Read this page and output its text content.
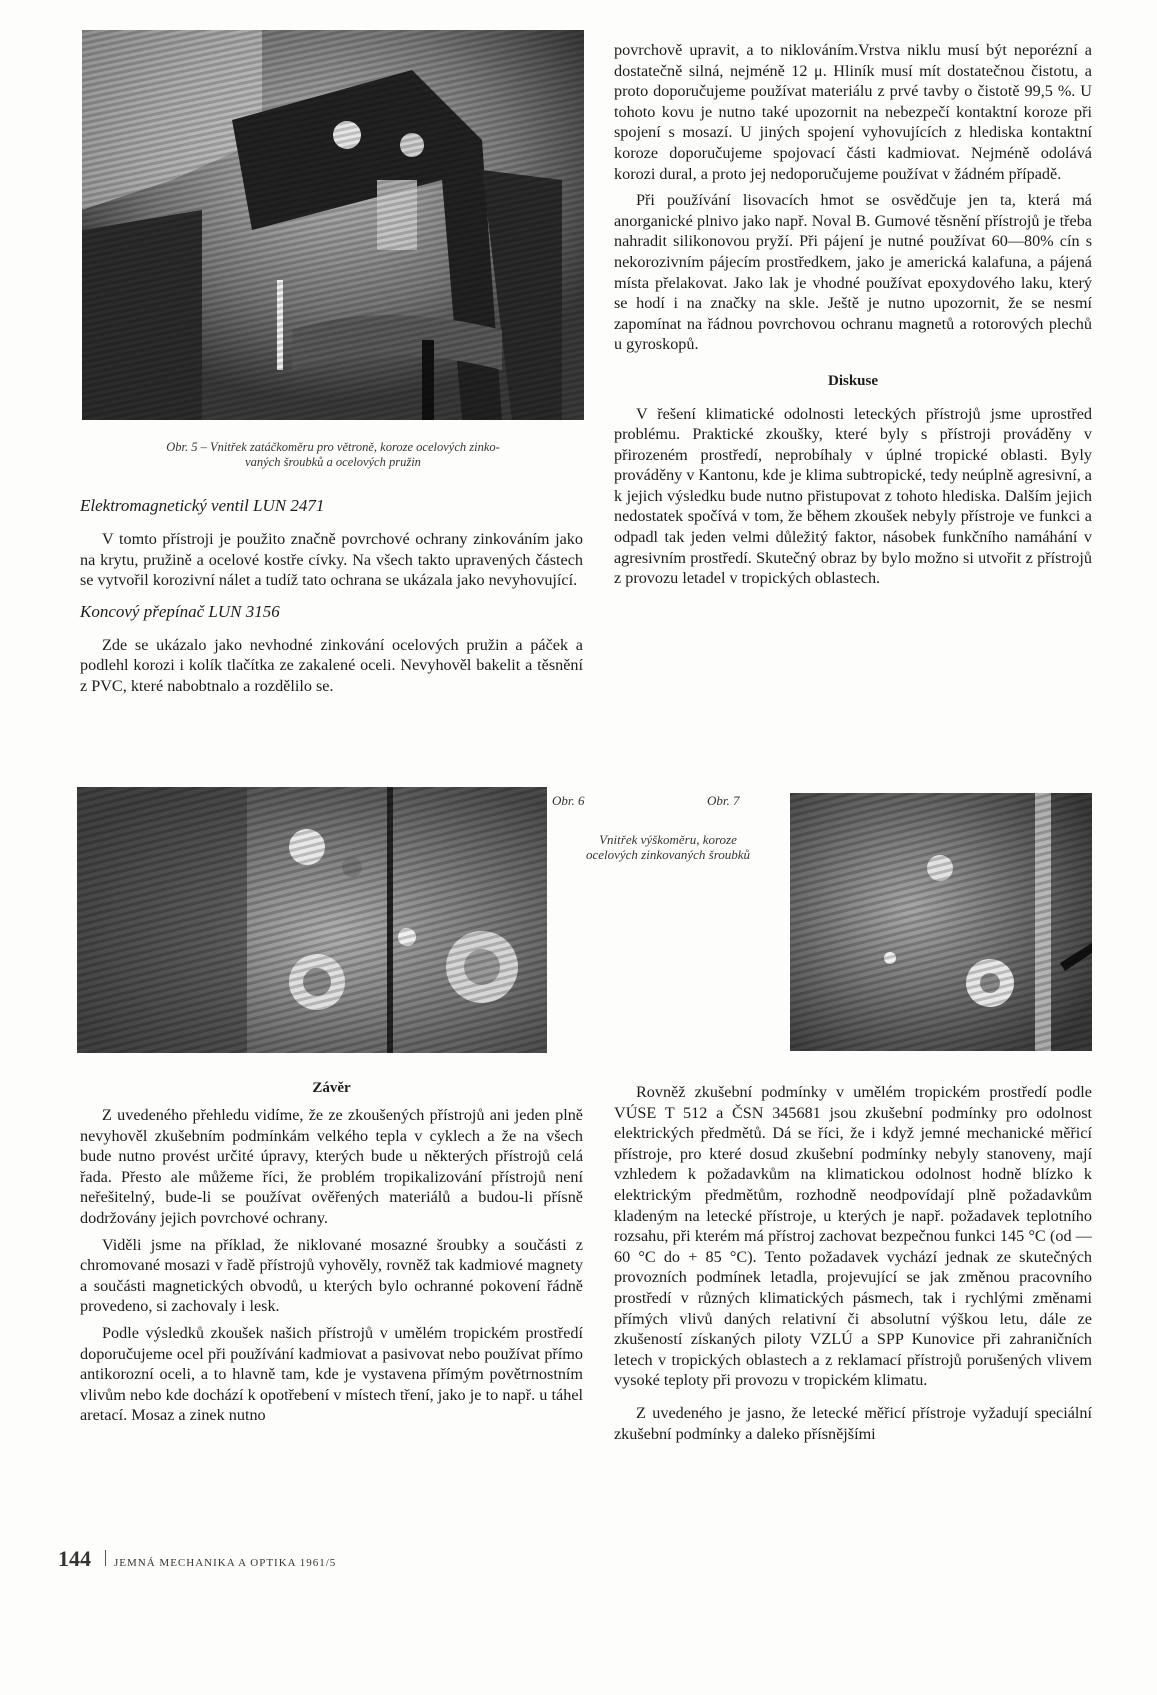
Obr. 5 – Vnitřek zatáčkoměru pro větroně, koroze ocelových zinko-
vaných šroubků a ocelových pružin
Elektromagnetický ventil LUN 2471

V tomto přístroji je použito značně povrchové ochrany zinkováním jako na krytu, pružině a ocelové kostře cívky. Na všech takto upravených částech se vytvořil korozivní nálet a tudíž tato ochrana se ukázala jako nevyhovující.

Koncový přepínač LUN 3156

Zde se ukázalo jako nevhodné zinkování ocelových pružin a páček a podlehl korozi i kolík tlačítka ze zakalené oceli. Nevyhověl bakelit a těsnění z PVC, které nabobtnalo a rozdělilo se.

povrchově upravit, a to niklováním.Vrstva niklu musí být neporézní a dostatečně silná, nejméně 12 μ. Hliník musí mít dostatečnou čistotu, a proto doporučujeme používat materiálu z prvé tavby o čistotě 99,5 %. U tohoto kovu je nutno také upozornit na nebezpečí kontaktní koroze při spojení s mosazí. U jiných spojení vyhovujících z hlediska kontaktní koroze doporučujeme spojovací části kadmiovat. Nejméně odolává korozi dural, a proto jej nedoporučujeme používat v žádném případě.

Při používání lisovacích hmot se osvědčuje jen ta, která má anorganické plnivo jako např. Noval B. Gumové těsnění přístrojů je třeba nahradit silikonovou pryží. Při pájení je nutné používat 60—80% cín s nekorozivním pájecím prostředkem, jako je americká kalafuna, a pájená místa přelakovat. Jako lak je vhodné používat epoxydového laku, který se hodí i na značky na skle. Ještě je nutno upozornit, že se nesmí zapomínat na řádnou povrchovou ochranu magnetů a rotorových plechů u gyroskopů.

Diskuse

V řešení klimatické odolnosti leteckých přístrojů jsme uprostřed problému. Praktické zkoušky, které byly s přístroji prováděny v přirozeném prostředí, neprobíhaly v úplné tropické oblasti. Byly prováděny v Kantonu, kde je klima subtropické, tedy neúplně agresivní, a k jejich výsledku bude nutno přistupovat z tohoto hlediska. Dalším jejich nedostatek spočívá v tom, že během zkoušek nebyly přístroje ve funkci a odpadl tak jeden velmi důležitý faktor, násobek funkčního namáhání v agresivním prostředí. Skutečný obraz by bylo možno si utvořit z přístrojů z provozu letadel v tropických oblastech.

Obr. 6	Obr. 7
Vnitřek výškoměru, koroze ocelových zinkovaných šroubků
Závěr

Z uvedeného přehledu vidíme, že ze zkoušených přístrojů ani jeden plně nevyhověl zkušebním podmínkám velkého tepla v cyklech a že na všech bude nutno provést určité úpravy, kterých bude u některých přístrojů celá řada. Přesto ale můžeme říci, že problém tropikalizování přístrojů není neřešitelný, bude-li se používat ověřených materiálů a budou-li přísně dodržovány jejich povrchové ochrany.

Viděli jsme na příklad, že niklované mosazné šroubky a součásti z chromované mosazi v řadě přístrojů vyhověly, rovněž tak kadmiové magnety a součásti magnetických obvodů, u kterých bylo ochranné pokovení řádně provedeno, si zachovaly i lesk.

Podle výsledků zkoušek našich přístrojů v umělém tropickém prostředí doporučujeme ocel při používání kadmiovat a pasivovat nebo používat přímo antikorozní oceli, a to hlavně tam, kde je vystavena přímým povětrnostním vlivům nebo kde dochází k opotřebení v místech tření, jako je to např. u táhel aretací. Mosaz a zinek nutno

Rovněž zkušební podmínky v umělém tropickém prostředí podle VÚSE T 512 a ČSN 345681 jsou zkušební podmínky pro odolnost elektrických předmětů. Dá se říci, že i když jemné mechanické měřicí přístroje, pro které dosud zkušební podmínky nebyly stanoveny, mají vzhledem k požadavkům na klimatickou odolnost hodně blízko k elektrickým předmětům, rozhodně neodpovídají plně požadavkům kladeným na letecké přístroje, u kterých je např. požadavek teplotního rozsahu, při kterém má přístroj zachovat bezpečnou funkci 145 °C (od —60 °C do + 85 °C). Tento požadavek vychází jednak ze skutečných provozních podmínek letadla, projevující se jak změnou pracovního prostředí v různých klimatických pásmech, tak i rychlými změnami přímých vlivů daných relativní či absolutní výškou letu, dále ze zkušeností získaných piloty VZLÚ a SPP Kunovice při zahraničních letech v tropických oblastech a z reklamací přístrojů porušených vlivem vysoké teploty při provozu v tropickém klimatu.

Z uvedeného je jasno, že letecké měřicí přístroje vyžadují speciální zkušební podmínky a daleko přísnějšími

144 JEMNÁ MECHANIKA A OPTIKA 1961/5
